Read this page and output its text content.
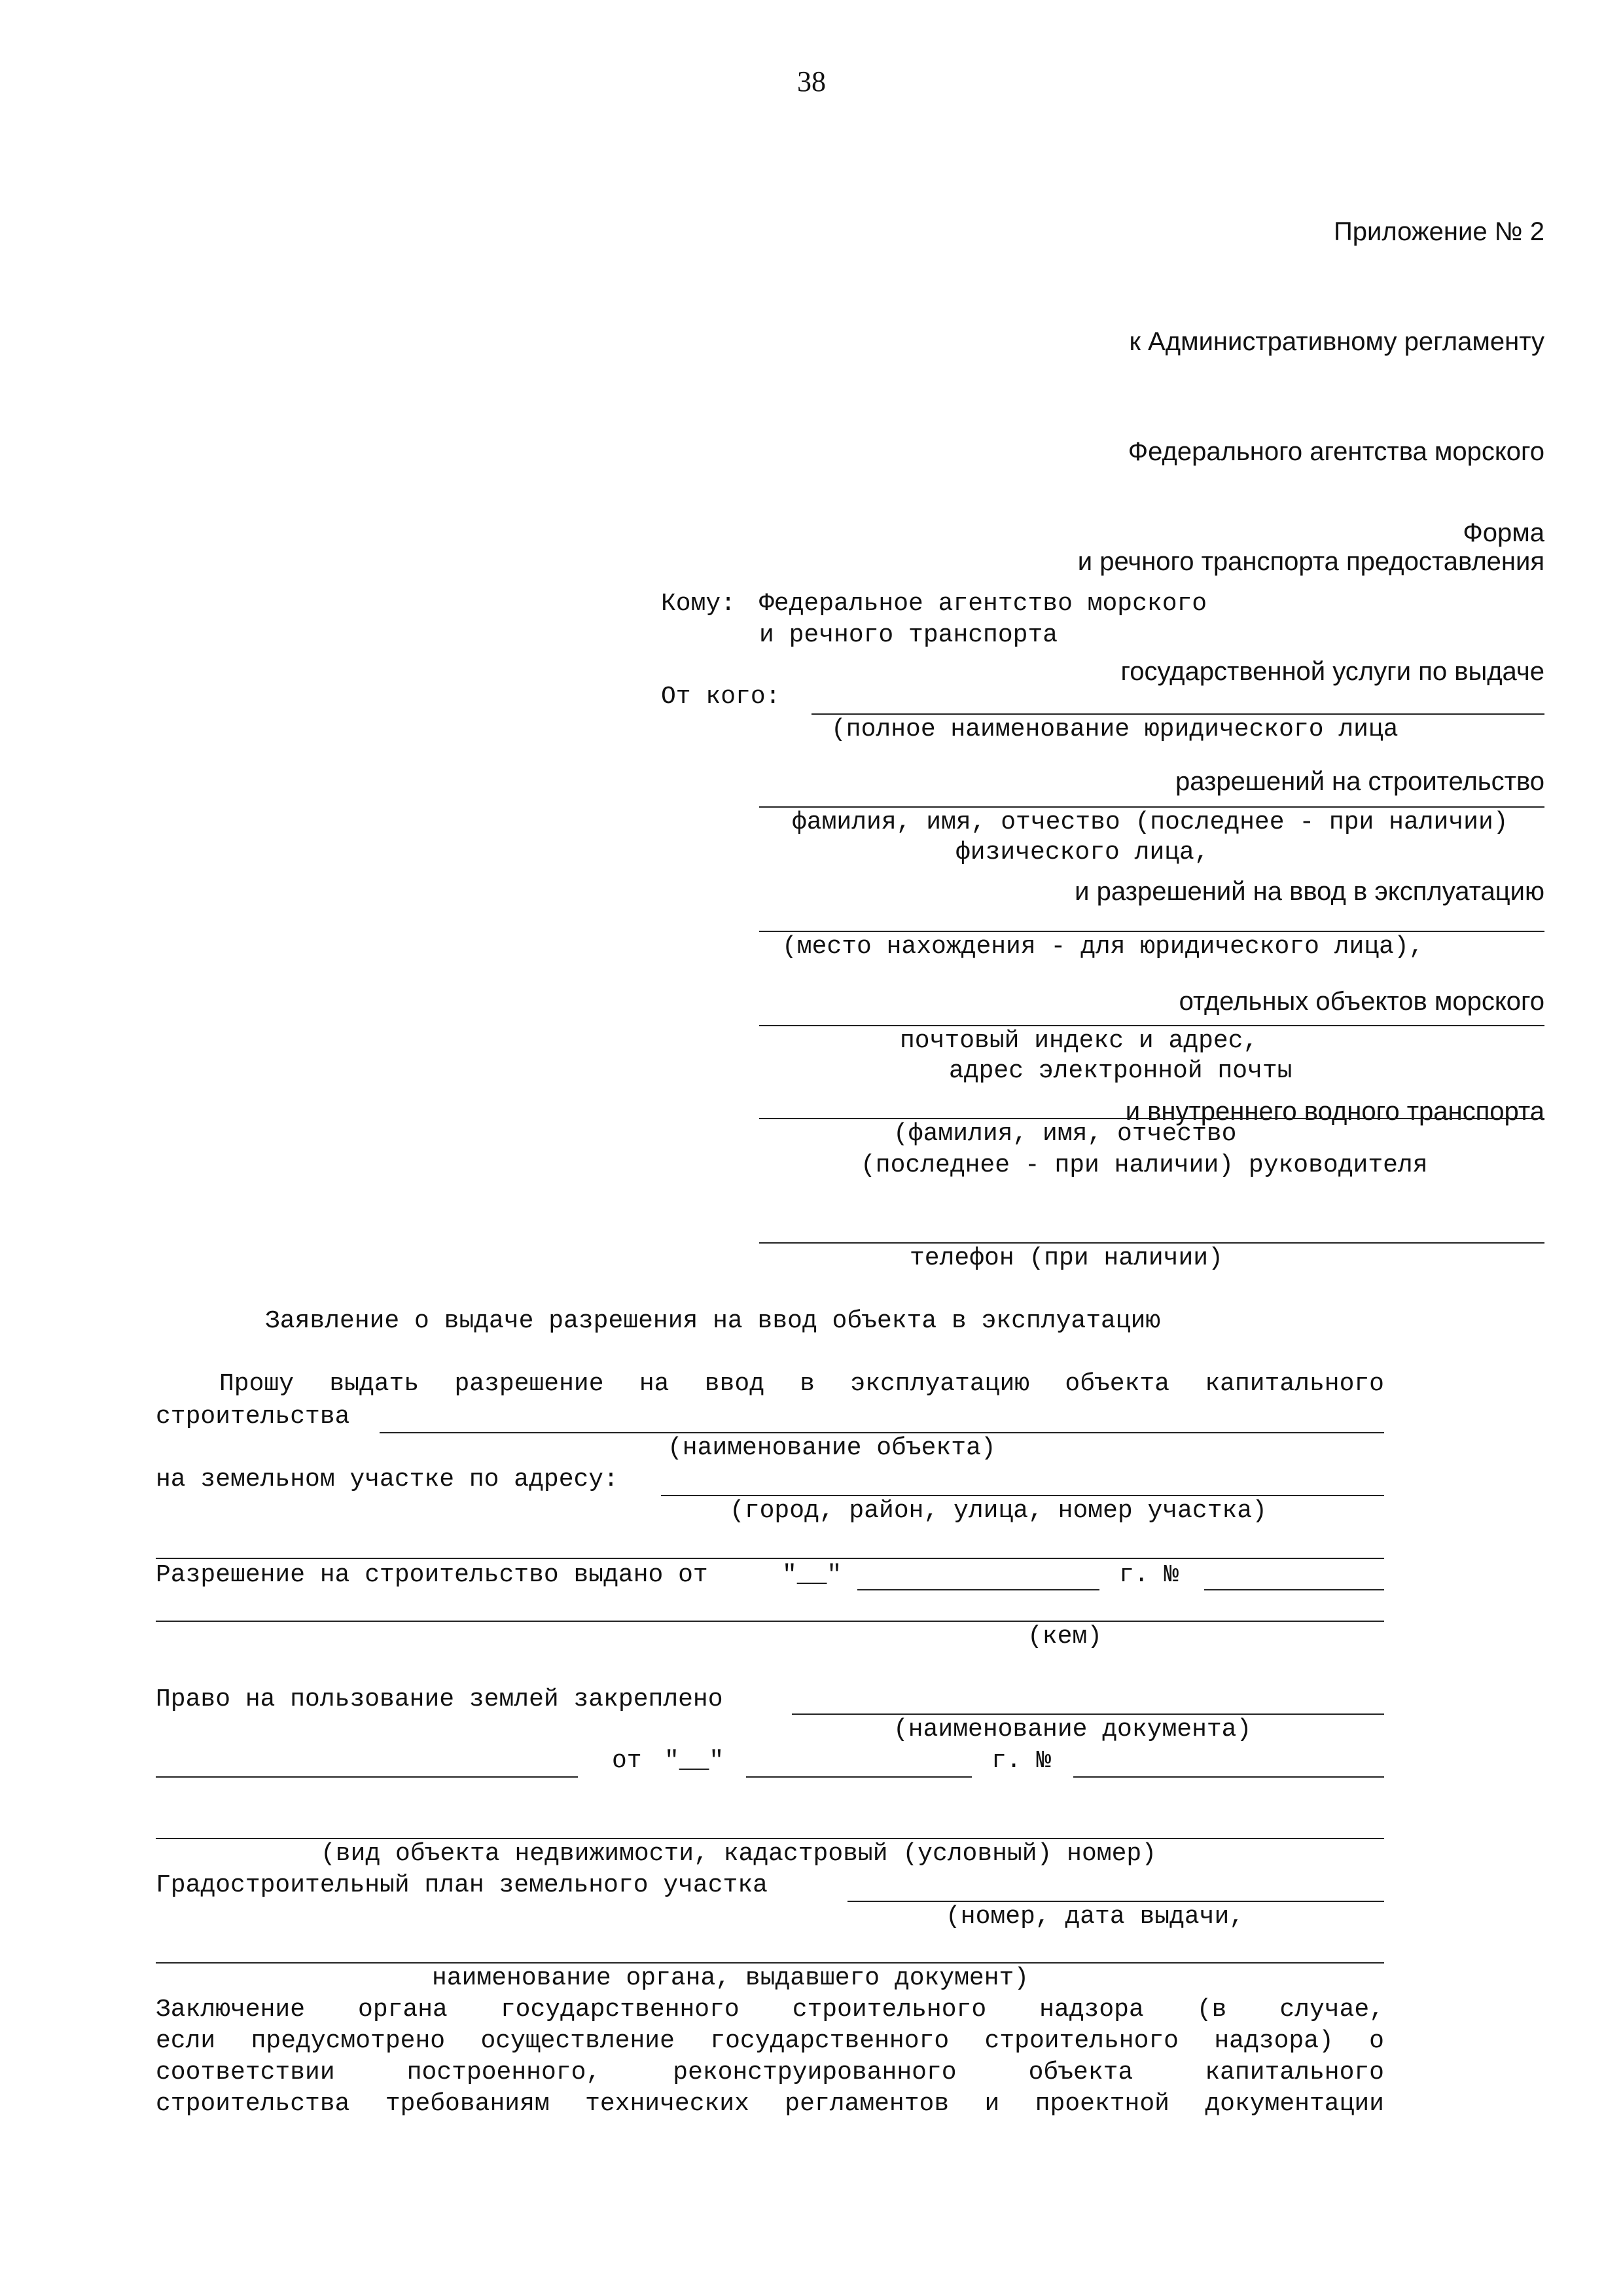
38

Приложение № 2

к Административному регламенту

Федерального агентства морского

и речного транспорта предоставления

государственной услуги по выдаче

разрешений на строительство

и разрешений на ввод в эксплуатацию

отдельных объектов морского

и внутреннего водного транспорта

Форма
Кому: Федеральное агентство морского
и речного транспорта
От кого:
(полное наименование юридического лица
фамилия, имя, отчество (последнее - при наличии)
физического лица,
(место нахождения - для юридического лица),
почтовый индекс и адрес,
адрес электронной почты
(фамилия, имя, отчество
(последнее - при наличии) руководителя
телефон (при наличии)
Заявление о выдаче разрешения на ввод объекта в эксплуатацию
Прошу выдать разрешение на ввод в эксплуатацию объекта капитального
строительства
(наименование объекта)
на земельном участке по адресу:
(город, район, улица, номер участка)
Разрешение на строительство выдано от	"__"	г. №
(кем)
Право на пользование землей закреплено
(наименование документа)
от "__"	г. №
(вид объекта недвижимости, кадастровый (условный) номер)
Градостроительный план земельного участка
(номер, дата выдачи,
наименование органа, выдавшего документ)
Заключение органа государственного строительного надзора (в случае,
если предусмотрено осуществление государственного строительного надзора) о
соответствии построенного, реконструированного объекта капитального
строительства требованиям технических регламентов и проектной документации
